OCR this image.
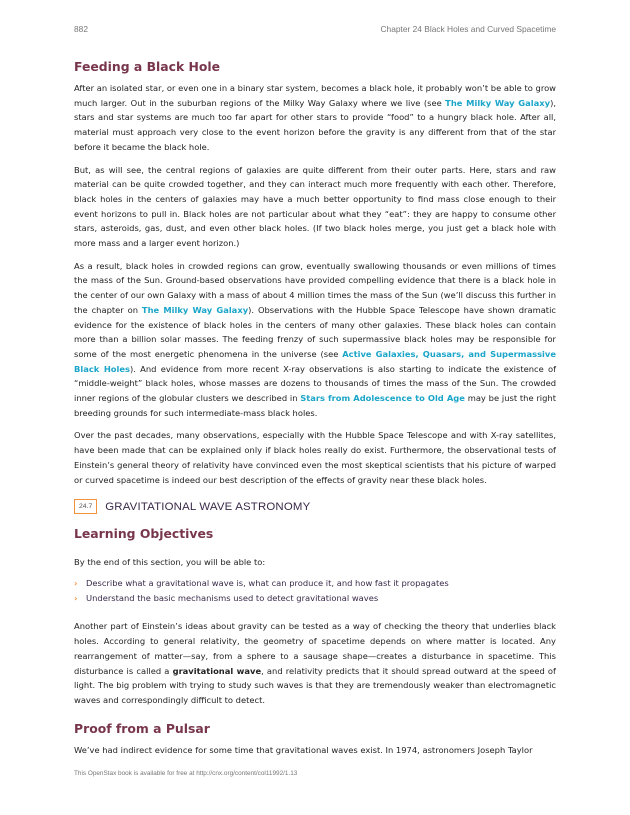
882	Chapter 24 Black Holes and Curved Spacetime
Feeding a Black Hole

After an isolated star, or even one in a binary star system, becomes a black hole, it probably won’t be able to grow much larger. Out in the suburban regions of the Milky Way Galaxy where we live (see The Milky Way Galaxy), stars and star systems are much too far apart for other stars to provide “food” to a hungry black hole. After all, material must approach very close to the event horizon before the gravity is any different from that of the star before it became the black hole.

But, as will see, the central regions of galaxies are quite different from their outer parts. Here, stars and raw material can be quite crowded together, and they can interact much more frequently with each other. Therefore, black holes in the centers of galaxies may have a much better opportunity to find mass close enough to their event horizons to pull in. Black holes are not particular about what they “eat”: they are happy to consume other stars, asteroids, gas, dust, and even other black holes. (If two black holes merge, you just get a black hole with more mass and a larger event horizon.)

As a result, black holes in crowded regions can grow, eventually swallowing thousands or even millions of times the mass of the Sun. Ground-based observations have provided compelling evidence that there is a black hole in the center of our own Galaxy with a mass of about 4 million times the mass of the Sun (we’ll discuss this further in the chapter on The Milky Way Galaxy). Observations with the Hubble Space Telescope have shown dramatic evidence for the existence of black holes in the centers of many other galaxies. These black holes can contain more than a billion solar masses. The feeding frenzy of such supermassive black holes may be responsible for some of the most energetic phenomena in the universe (see Active Galaxies, Quasars, and Supermassive Black Holes). And evidence from more recent X-ray observations is also starting to indicate the existence of “middle-weight” black holes, whose masses are dozens to thousands of times the mass of the Sun. The crowded inner regions of the globular clusters we described in Stars from Adolescence to Old Age may be just the right breeding grounds for such intermediate-mass black holes.

Over the past decades, many observations, especially with the Hubble Space Telescope and with X-ray satellites, have been made that can be explained only if black holes really do exist. Furthermore, the observational tests of Einstein’s general theory of relativity have convinced even the most skeptical scientists that his picture of warped or curved spacetime is indeed our best description of the effects of gravity near these black holes.

24.7	GRAVITATIONAL WAVE ASTRONOMY
Learning Objectives

By the end of this section, you will be able to:

› Describe what a gravitational wave is, what can produce it, and how fast it propagates
› Understand the basic mechanisms used to detect gravitational waves

Another part of Einstein’s ideas about gravity can be tested as a way of checking the theory that underlies black holes. According to general relativity, the geometry of spacetime depends on where matter is located. Any rearrangement of matter—say, from a sphere to a sausage shape—creates a disturbance in spacetime. This disturbance is called a gravitational wave, and relativity predicts that it should spread outward at the speed of light. The big problem with trying to study such waves is that they are tremendously weaker than electromagnetic waves and correspondingly difficult to detect.

Proof from a Pulsar

We’ve had indirect evidence for some time that gravitational waves exist. In 1974, astronomers Joseph Taylor

This OpenStax book is available for free at http://cnx.org/content/col11992/1.13
